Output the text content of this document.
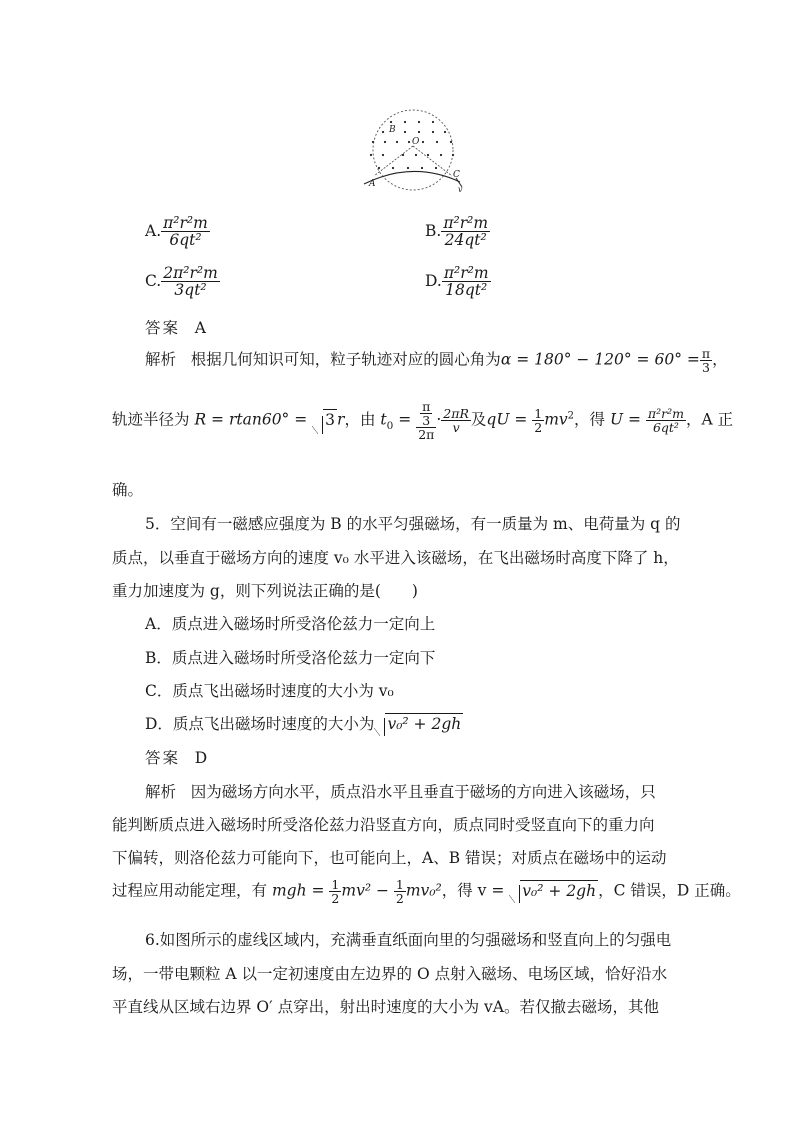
B
O
A
C
v
A. $\frac{\text{π²r²m}}{\text{6qt²}}$	B. $\frac{\text{π²r²m}}{\text{24qt²}}$
C. $\frac{\text{2π²r²m}}{\text{3qt²}}$	D. $\frac{\text{π²r²m}}{\text{18qt²}}$
答案 A
解析 根据几何知识可知，粒子轨迹对应的圆心角为$\alpha = 180^\circ - 120^\circ = 60^\circ = \frac{\pi}{3}$ ，
轨迹半径为 R = rtan60° = 3 r，由 $t_0 = \frac{\frac{\pi}{3}}{2\pi} \cdot \frac{2\pi R}{v}$ 及qU = $\frac{1}{2} mv^2$，得 $U = \frac{\text{π²r²m}}{\text{6qt²}}$ ，A 正
确。
5．空间有一磁感应强度为 B 的水平匀强磁场，有一质量为 m、电荷量为 q 的
质点，以垂直于磁场方向的速度 v₀ 水平进入该磁场，在飞出磁场时高度下降了 h，
重力加速度为 g，则下列说法正确的是(　　)
A．质点进入磁场时所受洛伦兹力一定向上
B．质点进入磁场时所受洛伦兹力一定向下
C．质点飞出磁场时速度的大小为 v₀
D．质点飞出磁场时速度的大小为 v₀² + 2gh
答案 D
解析 因为磁场方向水平，质点沿水平且垂直于磁场的方向进入该磁场，只
能判断质点进入磁场时所受洛伦兹力沿竖直方向，质点同时受竖直向下的重力向
下偏转，则洛伦兹力可能向下，也可能向上，A、B 错误；对质点在磁场中的运动
过程应用动能定理，有 mgh = $\frac{1}{2} mv^2 - \frac{1}{2} mv_0^2$，得 v = v₀² + 2gh ，C 错误，D 正确。
6.如图所示的虚线区域内，充满垂直纸面向里的匀强磁场和竖直向上的匀强电
场，一带电颗粒 A 以一定初速度由左边界的 O 点射入磁场、电场区域，恰好沿水
平直线从区域右边界 O′ 点穿出，射出时速度的大小为 vA。若仅撤去磁场，其他
